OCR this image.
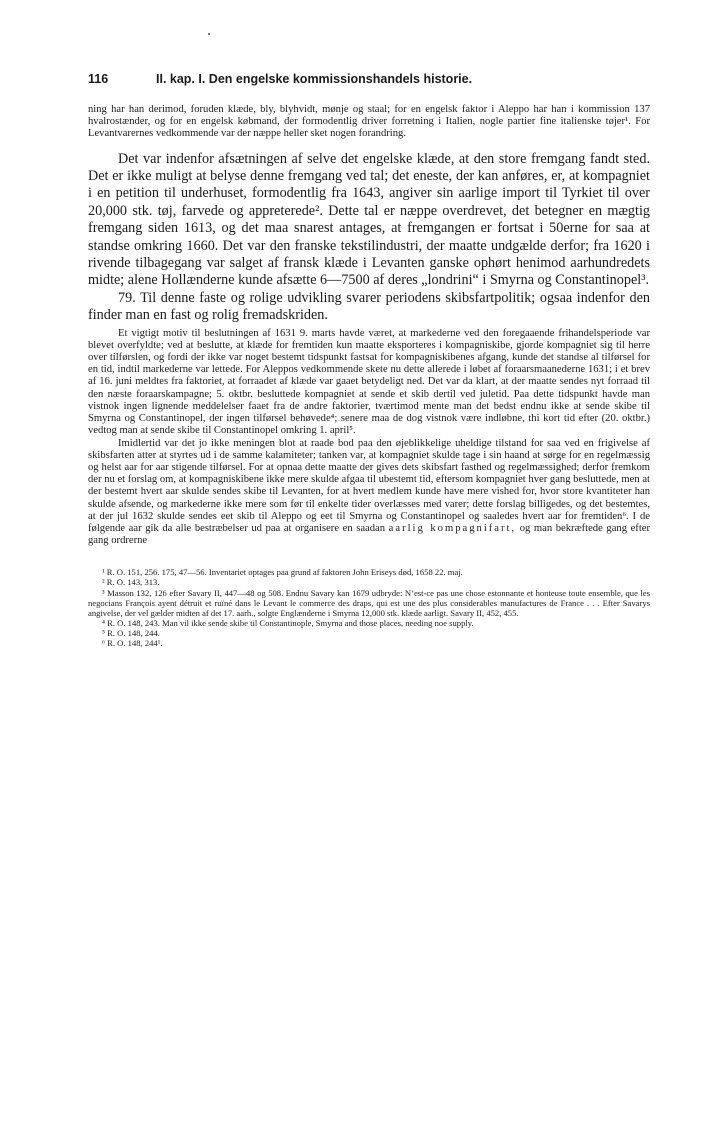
116	II. kap. I. Den engelske kommissionshandels historie.

ning har han derimod, foruden klæde, bly, blyhvidt, mønje og staal; for en engelsk faktor i Aleppo har han i kommission 137 hvalrostænder, og for en engelsk købmand, der formodentlig driver forretning i Italien, nogle partier fine italienske tøjer¹. For Levantvarernes vedkommende var der næppe heller sket nogen forandring.

Det var indenfor afsætningen af selve det engelske klæde, at den store fremgang fandt sted. Det er ikke muligt at belyse denne fremgang ved tal; det eneste, der kan anføres, er, at kompagniet i en petition til underhuset, formodentlig fra 1643, angiver sin aarlige import til Tyrkiet til over 20,000 stk. tøj, farvede og appreterede². Dette tal er næppe overdrevet, det betegner en mægtig fremgang siden 1613, og det maa snarest antages, at fremgangen er fortsat i 50erne for saa at standse omkring 1660. Det var den franske tekstilindustri, der maatte undgælde derfor; fra 1620 i rivende tilbagegang var salget af fransk klæde i Levanten ganske ophørt henimod aarhundredets midte; alene Hollænderne kunde afsætte 6—7500 af deres „londrini“ i Smyrna og Constantinopel³.

79. Til denne faste og rolige udvikling svarer periodens skibsfartpolitik; ogsaa indenfor den finder man en fast og rolig fremadskriden.

Et vigtigt motiv til beslutningen af 1631 9. marts havde været, at markederne ved den foregaaende frihandelsperiode var blevet overfyldte; ved at beslutte, at klæde for fremtiden kun maatte eksporteres i kompagniskibe, gjorde kompagniet sig til herre over tilførslen, og fordi der ikke var noget bestemt tidspunkt fastsat for kompagniskibenes afgang, kunde det standse al tilførsel for en tid, indtil markederne var lettede. For Aleppos vedkommende skete nu dette allerede i løbet af foraarsmaanederne 1631; i et brev af 16. juni meldtes fra faktoriet, at forraadet af klæde var gaaet betydeligt ned. Det var da klart, at der maatte sendes nyt forraad til den næste foraarskampagne; 5. oktbr. besluttede kompagniet at sende et skib dertil ved juletid. Paa dette tidspunkt havde man vistnok ingen lignende meddelelser faaet fra de andre faktorier, tværtimod mente man det bedst endnu ikke at sende skibe til Smyrna og Constantinopel, der ingen tilførsel behøvede⁴; senere maa de dog vistnok være indløbne, thi kort tid efter (20. oktbr.) vedtog man at sende skibe til Constantinopel omkring 1. april⁵.

Imidlertid var det jo ikke meningen blot at raade bod paa den øjeblikkelige uheldige tilstand for saa ved en frigivelse af skibsfarten atter at styrtes ud i de samme kalamiteter; tanken var, at kompagniet skulde tage i sin haand at sørge for en regelmæssig og helst aar for aar stigende tilførsel. For at opnaa dette maatte der gives dets skibsfart fasthed og regelmæssighed; derfor fremkom der nu et forslag om, at kompagniskibene ikke mere skulde afgaa til ubestemt tid, eftersom kompagniet hver gang besluttede, men at der bestemt hvert aar skulde sendes skibe til Levanten, for at hvert medlem kunde have mere vished for, hvor store kvantiteter han skulde afsende, og markederne ikke mere som før til enkelte tider overlæsses med varer; dette forslag billigedes, og det bestemtes, at der jul 1632 skulde sendes eet skib til Aleppo og eet til Smyrna og Constantinopel og saaledes hvert aar for fremtiden⁶. I de følgende aar gik da alle bestræbelser ud paa at organisere en saadan aarlig kompagnifart, og man bekræftede gang efter gang ordrerne

¹ R. O. 151, 256. 175, 47—56. Inventariet optages paa grund af faktoren John Eriseys død, 1658 22. maj.

² R. O. 143, 313.

³ Masson 132, 126 efter Savary II, 447—48 og 508. Endnu Savary kan 1679 udbryde: N’est-ce pas une chose estonnante et honteuse toute ensemble, que les negocians François ayent détruit et ruïné dans le Levant le commerce des draps, qui est une des plus considerables manufactures de France . . . Efter Savarys angivelse, der vel gælder midten af det 17. aarh., solgte Englænderne i Smyrna 12,000 stk. klæde aarligt. Savary II, 452, 455.

⁴ R. O. 148, 243. Man vil ikke sende skibe til Constantinople, Smyrna and those places, needing noe supply.

⁵ R. O. 148, 244.

⁶ R. O. 148, 244¹.
